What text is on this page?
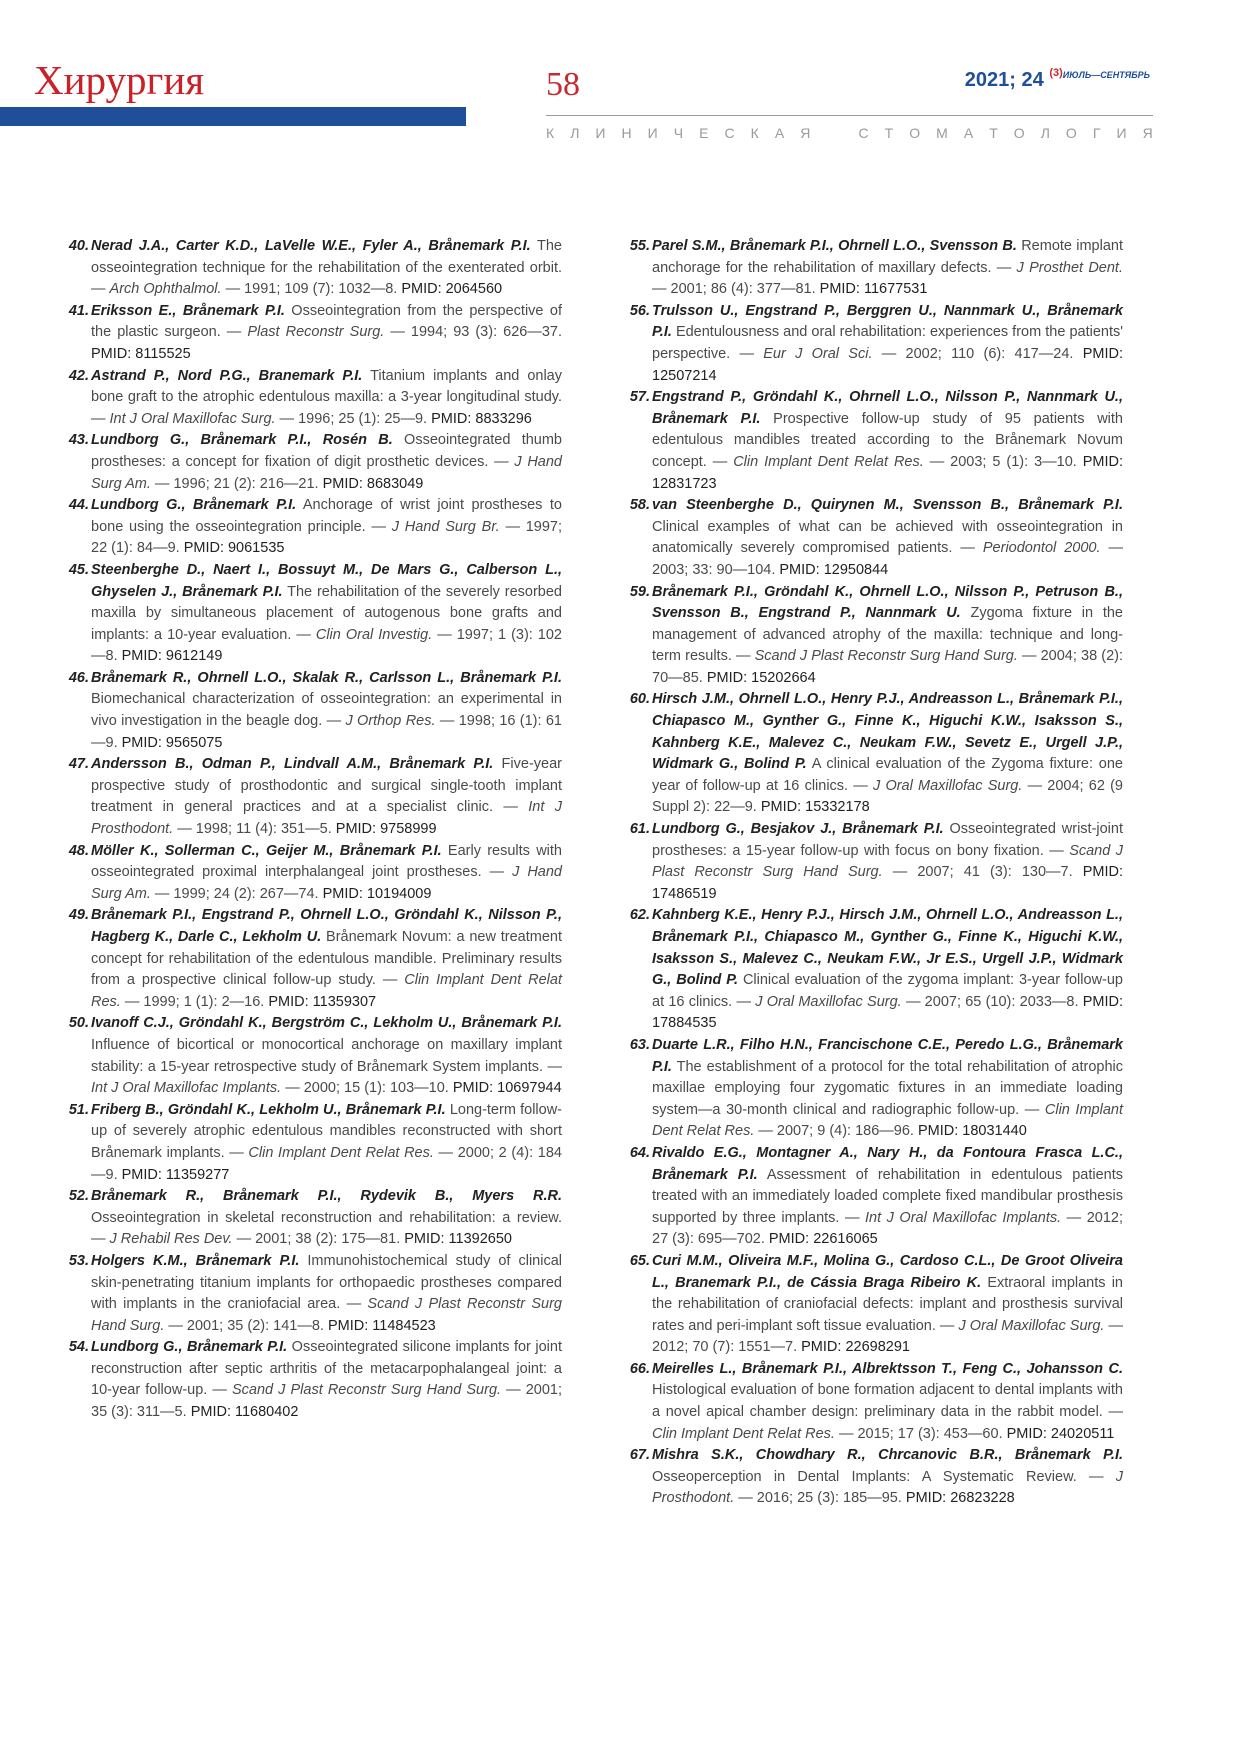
Хирургия	58	2021; 24 $^{(3)ИЮЛЬ—СЕНТЯБРЬ}$
К Л И Н И Ч Е С К А Я	С Т О М А Т О Л О Г И Я
40. Nerad J.A., Carter K.D., LaVelle W.E., Fyler A., Brånemark P.I. The osseointegration technique for the rehabilitation of the exenterated orbit. — Arch Ophthalmol. — 1991; 109 (7): 1032—8. PMID: 2064560
41. Eriksson E., Brånemark P.I. Osseointegration from the perspective of the plastic surgeon. — Plast Reconstr Surg. — 1994; 93 (3): 626—37. PMID: 8115525
42. Astrand P., Nord P.G., Branemark P.I. Titanium implants and onlay bone graft to the atrophic edentulous maxilla: a 3-year longitudinal study. — Int J Oral Maxillofac Surg. — 1996; 25 (1): 25—9. PMID: 8833296
43. Lundborg G., Brånemark P.I., Rosén B. Osseointegrated thumb prostheses: a concept for fixation of digit prosthetic devices. — J Hand Surg Am. — 1996; 21 (2): 216—21. PMID: 8683049
44. Lundborg G., Brånemark P.I. Anchorage of wrist joint prostheses to bone using the osseointegration principle. — J Hand Surg Br. — 1997; 22 (1): 84—9. PMID: 9061535
45. Steenberghe D., Naert I., Bossuyt M., De Mars G., Calberson L., Ghyselen J., Brånemark P.I. The rehabilitation of the severely resorbed maxilla by simultaneous placement of autogenous bone grafts and implants: a 10-year evaluation. — Clin Oral Investig. — 1997; 1 (3): 102—8. PMID: 9612149
46. Brånemark R., Ohrnell L.O., Skalak R., Carlsson L., Brånemark P.I. Biomechanical characterization of osseointegration: an experimental in vivo investigation in the beagle dog. — J Orthop Res. — 1998; 16 (1): 61—9. PMID: 9565075
47. Andersson B., Odman P., Lindvall A.M., Brånemark P.I. Five-year prospective study of prosthodontic and surgical single-tooth implant treatment in general practices and at a specialist clinic. — Int J Prosthodont. — 1998; 11 (4): 351—5. PMID: 9758999
48. Möller K., Sollerman C., Geijer M., Brånemark P.I. Early results with osseointegrated proximal interphalangeal joint prostheses. — J Hand Surg Am. — 1999; 24 (2): 267—74. PMID: 10194009
49. Brånemark P.I., Engstrand P., Ohrnell L.O., Gröndahl K., Nilsson P., Hagberg K., Darle C., Lekholm U. Brånemark Novum: a new treatment concept for rehabilitation of the edentulous mandible. Preliminary results from a prospective clinical follow-up study. — Clin Implant Dent Relat Res. — 1999; 1 (1): 2—16. PMID: 11359307
50. Ivanoff C.J., Gröndahl K., Bergström C., Lekholm U., Brånemark P.I. Influence of bicortical or monocortical anchorage on maxillary implant stability: a 15-year retrospective study of Brånemark System implants. — Int J Oral Maxillofac Implants. — 2000; 15 (1): 103—10. PMID: 10697944
51. Friberg B., Gröndahl K., Lekholm U., Brånemark P.I. Long-term follow-up of severely atrophic edentulous mandibles reconstructed with short Brånemark implants. — Clin Implant Dent Relat Res. — 2000; 2 (4): 184—9. PMID: 11359277
52. Brånemark R., Brånemark P.I., Rydevik B., Myers R.R. Osseointegration in skeletal reconstruction and rehabilitation: a review. — J Rehabil Res Dev. — 2001; 38 (2): 175—81. PMID: 11392650
53. Holgers K.M., Brånemark P.I. Immunohistochemical study of clinical skin-penetrating titanium implants for orthopaedic prostheses compared with implants in the craniofacial area. — Scand J Plast Reconstr Surg Hand Surg. — 2001; 35 (2): 141—8. PMID: 11484523
54. Lundborg G., Brånemark P.I. Osseointegrated silicone implants for joint reconstruction after septic arthritis of the metacarpophalangeal joint: a 10-year follow-up. — Scand J Plast Reconstr Surg Hand Surg. — 2001; 35 (3): 311—5. PMID: 11680402
55. Parel S.M., Brånemark P.I., Ohrnell L.O., Svensson B. Remote implant anchorage for the rehabilitation of maxillary defects. — J Prosthet Dent. — 2001; 86 (4): 377—81. PMID: 11677531
56. Trulsson U., Engstrand P., Berggren U., Nannmark U., Brånemark P.I. Edentulousness and oral rehabilitation: experiences from the patients' perspective. — Eur J Oral Sci. — 2002; 110 (6): 417—24. PMID: 12507214
57. Engstrand P., Gröndahl K., Ohrnell L.O., Nilsson P., Nannmark U., Brånemark P.I. Prospective follow-up study of 95 patients with edentulous mandibles treated according to the Brånemark Novum concept. — Clin Implant Dent Relat Res. — 2003; 5 (1): 3—10. PMID: 12831723
58. van Steenberghe D., Quirynen M., Svensson B., Brånemark P.I. Clinical examples of what can be achieved with osseointegration in anatomically severely compromised patients. — Periodontol 2000. — 2003; 33: 90—104. PMID: 12950844
59. Brånemark P.I., Gröndahl K., Ohrnell L.O., Nilsson P., Petruson B., Svensson B., Engstrand P., Nannmark U. Zygoma fixture in the management of advanced atrophy of the maxilla: technique and long-term results. — Scand J Plast Reconstr Surg Hand Surg. — 2004; 38 (2): 70—85. PMID: 15202664
60. Hirsch J.M., Ohrnell L.O., Henry P.J., Andreasson L., Brånemark P.I., Chiapasco M., Gynther G., Finne K., Higuchi K.W., Isaksson S., Kahnberg K.E., Malevez C., Neukam F.W., Sevetz E., Urgell J.P., Widmark G., Bolind P. A clinical evaluation of the Zygoma fixture: one year of follow-up at 16 clinics. — J Oral Maxillofac Surg. — 2004; 62 (9 Suppl 2): 22—9. PMID: 15332178
61. Lundborg G., Besjakov J., Brånemark P.I. Osseointegrated wrist-joint prostheses: a 15-year follow-up with focus on bony fixation. — Scand J Plast Reconstr Surg Hand Surg. — 2007; 41 (3): 130—7. PMID: 17486519
62. Kahnberg K.E., Henry P.J., Hirsch J.M., Ohrnell L.O., Andreasson L., Brånemark P.I., Chiapasco M., Gynther G., Finne K., Higuchi K.W., Isaksson S., Malevez C., Neukam F.W., Jr E.S., Urgell J.P., Widmark G., Bolind P. Clinical evaluation of the zygoma implant: 3-year follow-up at 16 clinics. — J Oral Maxillofac Surg. — 2007; 65 (10): 2033—8. PMID: 17884535
63. Duarte L.R., Filho H.N., Francischone C.E., Peredo L.G., Brånemark P.I. The establishment of a protocol for the total rehabilitation of atrophic maxillae employing four zygomatic fixtures in an immediate loading system—a 30-month clinical and radiographic follow-up. — Clin Implant Dent Relat Res. — 2007; 9 (4): 186—96. PMID: 18031440
64. Rivaldo E.G., Montagner A., Nary H., da Fontoura Frasca L.C., Brånemark P.I. Assessment of rehabilitation in edentulous patients treated with an immediately loaded complete fixed mandibular prosthesis supported by three implants. — Int J Oral Maxillofac Implants. — 2012; 27 (3): 695—702. PMID: 22616065
65. Curi M.M., Oliveira M.F., Molina G., Cardoso C.L., De Groot Oliveira L., Branemark P.I., de Cássia Braga Ribeiro K. Extraoral implants in the rehabilitation of craniofacial defects: implant and prosthesis survival rates and peri-implant soft tissue evaluation. — J Oral Maxillofac Surg. — 2012; 70 (7): 1551—7. PMID: 22698291
66. Meirelles L., Brånemark P.I., Albrektsson T., Feng C., Johansson C. Histological evaluation of bone formation adjacent to dental implants with a novel apical chamber design: preliminary data in the rabbit model. — Clin Implant Dent Relat Res. — 2015; 17 (3): 453—60. PMID: 24020511
67. Mishra S.K., Chowdhary R., Chrcanovic B.R., Brånemark P.I. Osseoperception in Dental Implants: A Systematic Review. — J Prosthodont. — 2016; 25 (3): 185—95. PMID: 26823228
